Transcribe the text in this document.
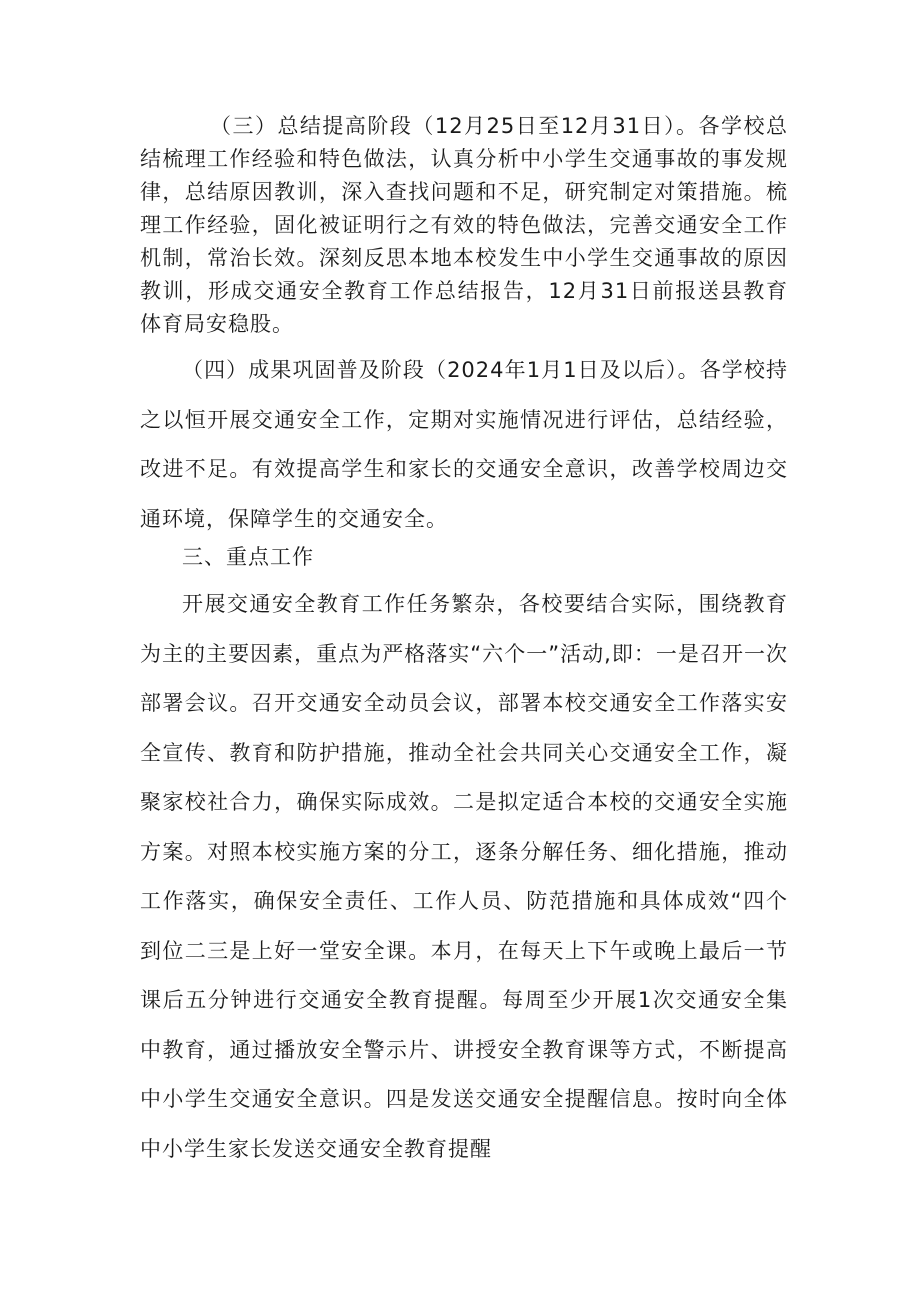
（三）总结提高阶段（12月25日至12月31日）。各学校总结梳理工作经验和特色做法，认真分析中小学生交通事故的事发规律，总结原因教训，深入查找问题和不足，研究制定对策措施。梳理工作经验，固化被证明行之有效的特色做法，完善交通安全工作机制，常治长效。深刻反思本地本校发生中小学生交通事故的原因教训，形成交通安全教育工作总结报告，12月31日前报送县教育体育局安稳股。

（四）成果巩固普及阶段（2024年1月1日及以后）。各学校持之以恒开展交通安全工作，定期对实施情况进行评估，总结经验，改进不足。有效提高学生和家长的交通安全意识，改善学校周边交通环境，保障学生的交通安全。

三、重点工作

开展交通安全教育工作任务繁杂，各校要结合实际，围绕教育为主的主要因素，重点为严格落实“六个一”活动,即：一是召开一次部署会议。召开交通安全动员会议，部署本校交通安全工作落实安全宣传、教育和防护措施，推动全社会共同关心交通安全工作，凝聚家校社合力，确保实际成效。二是拟定适合本校的交通安全实施方案。对照本校实施方案的分工，逐条分解任务、细化措施，推动工作落实，确保安全责任、工作人员、防范措施和具体成效“四个到位二三是上好一堂安全课。本月，在每天上下午或晚上最后一节课后五分钟进行交通安全教育提醒。每周至少开展1次交通安全集中教育，通过播放安全警示片、讲授安全教育课等方式，不断提高中小学生交通安全意识。四是发送交通安全提醒信息。按时向全体中小学生家长发送交通安全教育提醒
